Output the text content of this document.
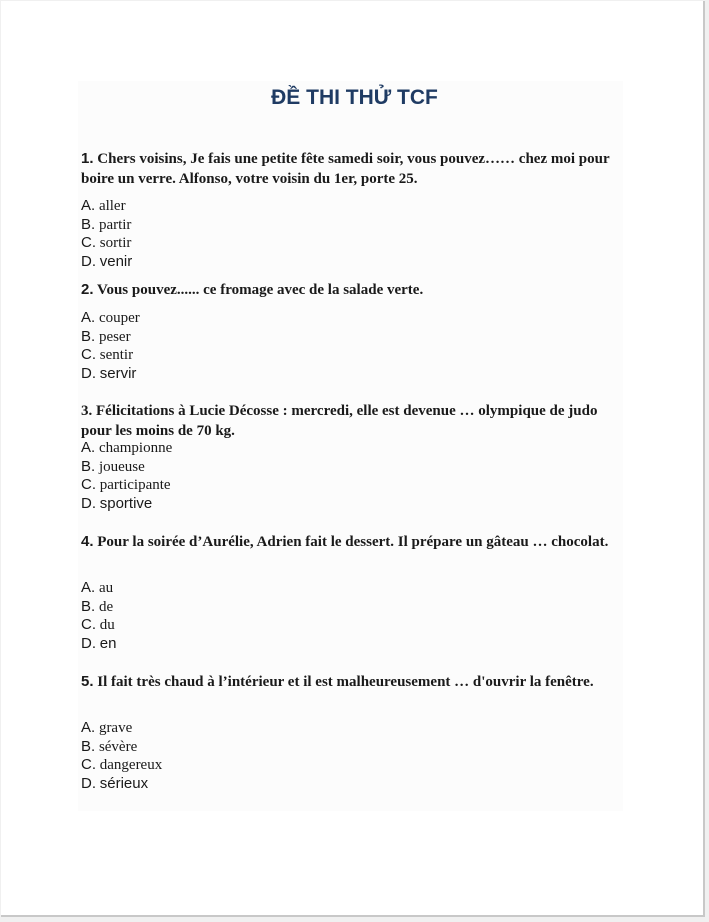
ĐỀ THI THỬ TCF

1. Chers voisins, Je fais une petite fête samedi soir, vous pouvez…… chez moi pour boire un verre. Alfonso, votre voisin du 1er, porte 25.

A. aller
B. partir
C. sortir
D. venir

2. Vous pouvez...... ce fromage avec de la salade verte.

A. couper
B. peser
C. sentir
D. servir

3. Félicitations à Lucie Décosse : mercredi, elle est devenue … olympique de judo pour les moins de 70 kg.

A. championne
B. joueuse
C. participante
D. sportive

4. Pour la soirée d’Aurélie, Adrien fait le dessert. Il prépare un gâteau … chocolat.

A. au
B. de
C. du
D. en

5. Il fait très chaud à l’intérieur et il est malheureusement … d'ouvrir la fenêtre.

A. grave
B. sévère
C. dangereux
D. sérieux
